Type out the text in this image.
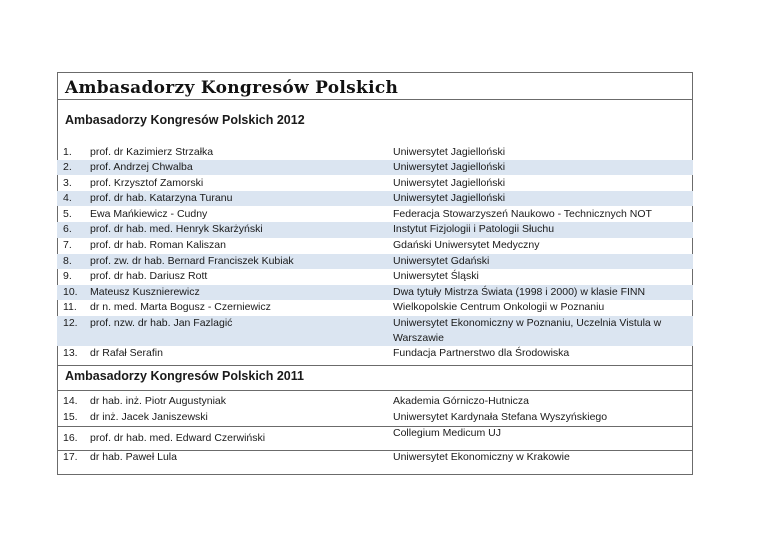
Ambasadorzy Kongresów Polskich
Ambasadorzy Kongresów Polskich 2012
1. prof. dr Kazimierz Strzałka	Uniwersytet Jagielloński
2. prof. Andrzej Chwalba	Uniwersytet Jagielloński
3. prof. Krzysztof Zamorski	Uniwersytet Jagielloński
4. prof. dr hab. Katarzyna Turanu	Uniwersytet Jagielloński
5. Ewa Mańkiewicz - Cudny	Federacja Stowarzyszeń Naukowo - Technicznych NOT
6. prof. dr hab. med. Henryk Skarżyński	Instytut Fizjologii i Patologii Słuchu
7. prof. dr hab. Roman Kaliszan	Gdański Uniwersytet Medyczny
8. prof. zw. dr hab. Bernard Franciszek Kubiak	Uniwersytet Gdański
9. prof. dr hab. Dariusz Rott	Uniwersytet Śląski
10. Mateusz Kusznierewicz	Dwa tytuły Mistrza Świata (1998 i 2000) w klasie FINN
11. dr n. med. Marta Bogusz - Czerniewicz	Wielkopolskie Centrum Onkologii w Poznaniu
12. prof. nzw. dr hab. Jan Fazlagić	Uniwersytet Ekonomiczny w Poznaniu, Uczelnia Vistula w Warszawie
13. dr Rafał Serafin	Fundacja Partnerstwo dla Środowiska
Ambasadorzy Kongresów Polskich 2011
14. dr hab. inż. Piotr Augustyniak	Akademia Górniczo-Hutnicza
15. dr inż. Jacek Janiszewski	Uniwersytet Kardynała Stefana Wyszyńskiego
16. prof. dr hab. med. Edward Czerwiński	Collegium Medicum UJ
17. dr hab. Paweł Lula	Uniwersytet Ekonomiczny w Krakowie
